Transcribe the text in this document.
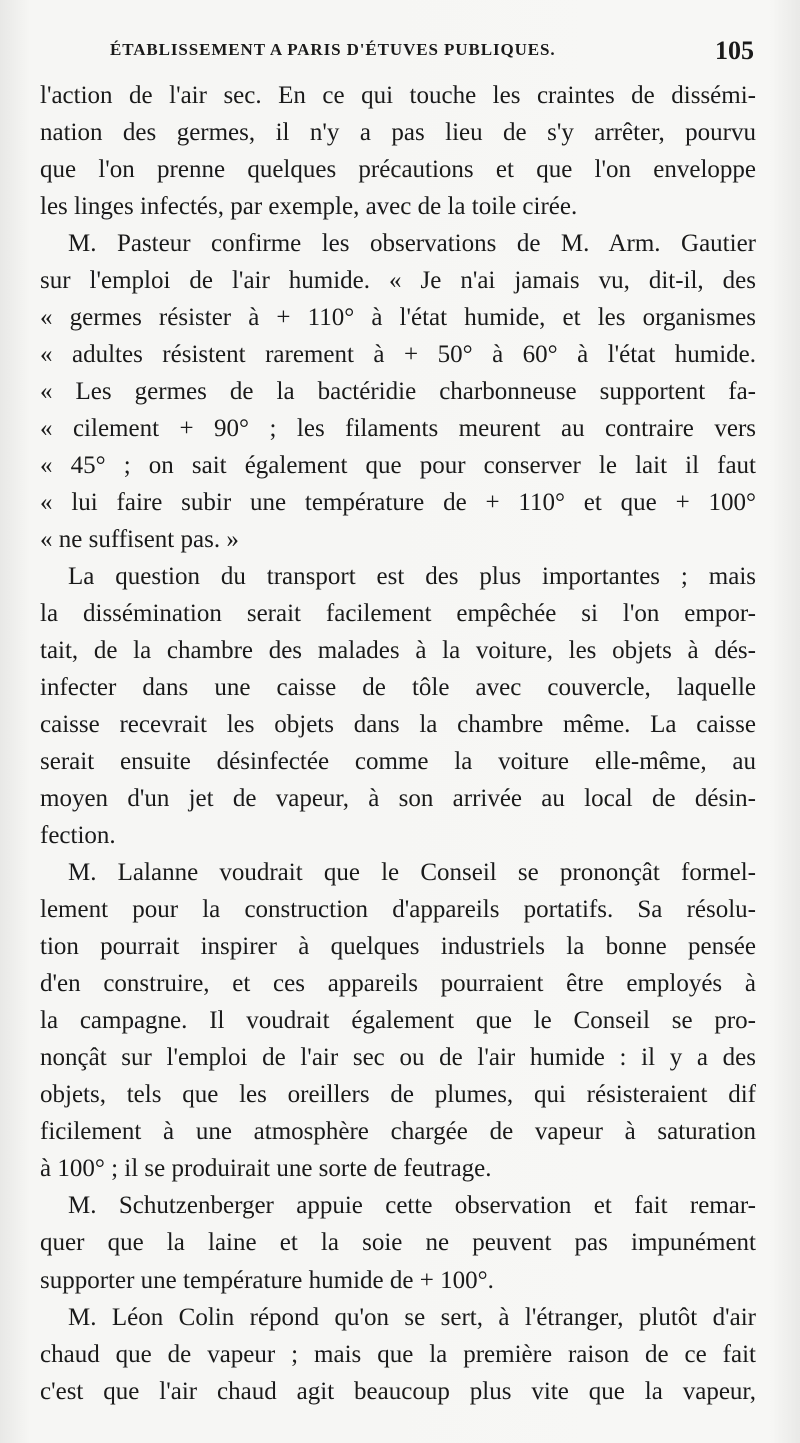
ÉTABLISSEMENT A PARIS D'ÉTUVES PUBLIQUES.	105
l'action de l'air sec. En ce qui touche les craintes de dissémi-
nation des germes, il n'y a pas lieu de s'y arrêter, pourvu
que l'on prenne quelques précautions et que l'on enveloppe
les linges infectés, par exemple, avec de la toile cirée.
M. Pasteur confirme les observations de M. Arm. Gautier
sur l'emploi de l'air humide. « Je n'ai jamais vu, dit-il, des
« germes résister à + 110° à l'état humide, et les organismes
« adultes résistent rarement à + 50° à 60° à l'état humide.
« Les germes de la bactéridie charbonneuse supportent fa-
« cilement + 90° ; les filaments meurent au contraire vers
« 45° ; on sait également que pour conserver le lait il faut
« lui faire subir une température de + 110° et que + 100°
« ne suffisent pas. »
La question du transport est des plus importantes ; mais
la dissémination serait facilement empêchée si l'on empor-
tait, de la chambre des malades à la voiture, les objets à dés-
infecter dans une caisse de tôle avec couvercle, laquelle
caisse recevrait les objets dans la chambre même. La caisse
serait ensuite désinfectée comme la voiture elle-même, au
moyen d'un jet de vapeur, à son arrivée au local de désin-
fection.
M. Lalanne voudrait que le Conseil se prononçât formel-
lement pour la construction d'appareils portatifs. Sa résolu-
tion pourrait inspirer à quelques industriels la bonne pensée
d'en construire, et ces appareils pourraient être employés à
la campagne. Il voudrait également que le Conseil se pro-
nonçât sur l'emploi de l'air sec ou de l'air humide : il y a des
objets, tels que les oreillers de plumes, qui résisteraient dif
ficilement à une atmosphère chargée de vapeur à saturation
à 100° ; il se produirait une sorte de feutrage.
M. Schutzenberger appuie cette observation et fait remar-
quer que la laine et la soie ne peuvent pas impunément
supporter une température humide de + 100°.
M. Léon Colin répond qu'on se sert, à l'étranger, plutôt d'air
chaud que de vapeur ; mais que la première raison de ce fait
c'est que l'air chaud agit beaucoup plus vite que la vapeur,
